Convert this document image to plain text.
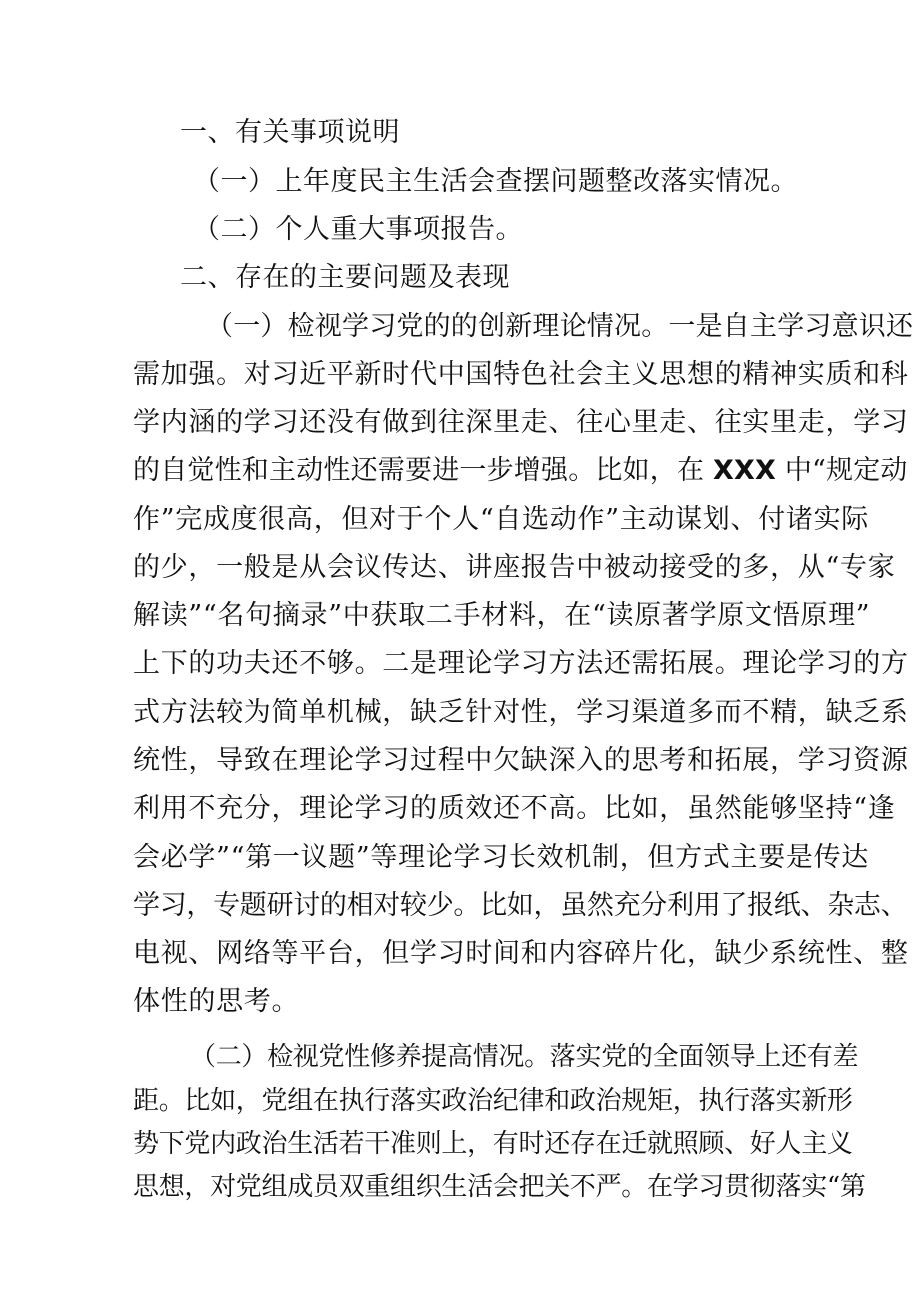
一、有关事项说明
（一）上年度民主生活会查摆问题整改落实情况。
（二）个人重大事项报告。
二、存在的主要问题及表现
（一）检视学习党的的创新理论情况。一是自主学习意识还
需加强。对习近平新时代中国特色社会主义思想的精神实质和科
学内涵的学习还没有做到往深里走、往心里走、往实里走，学习
的自觉性和主动性还需要进一步增强。比如，在 XXX 中“规定动
作”完成度很高，但对于个人“自选动作”主动谋划、付诸实际
的少，一般是从会议传达、讲座报告中被动接受的多，从“专家
解读”“名句摘录”中获取二手材料，在“读原著学原文悟原理”
上下的功夫还不够。二是理论学习方法还需拓展。理论学习的方
式方法较为简单机械，缺乏针对性，学习渠道多而不精，缺乏系
统性，导致在理论学习过程中欠缺深入的思考和拓展，学习资源
利用不充分，理论学习的质效还不高。比如，虽然能够坚持“逢
会必学”“第一议题”等理论学习长效机制，但方式主要是传达
学习，专题研讨的相对较少。比如，虽然充分利用了报纸、杂志、
电视、网络等平台，但学习时间和内容碎片化，缺少系统性、整
体性的思考。
（二）检视党性修养提高情况。落实党的全面领导上还有差
距。比如，党组在执行落实政治纪律和政治规矩，执行落实新形
势下党内政治生活若干准则上，有时还存在迁就照顾、好人主义
思想，对党组成员双重组织生活会把关不严。在学习贯彻落实“第
